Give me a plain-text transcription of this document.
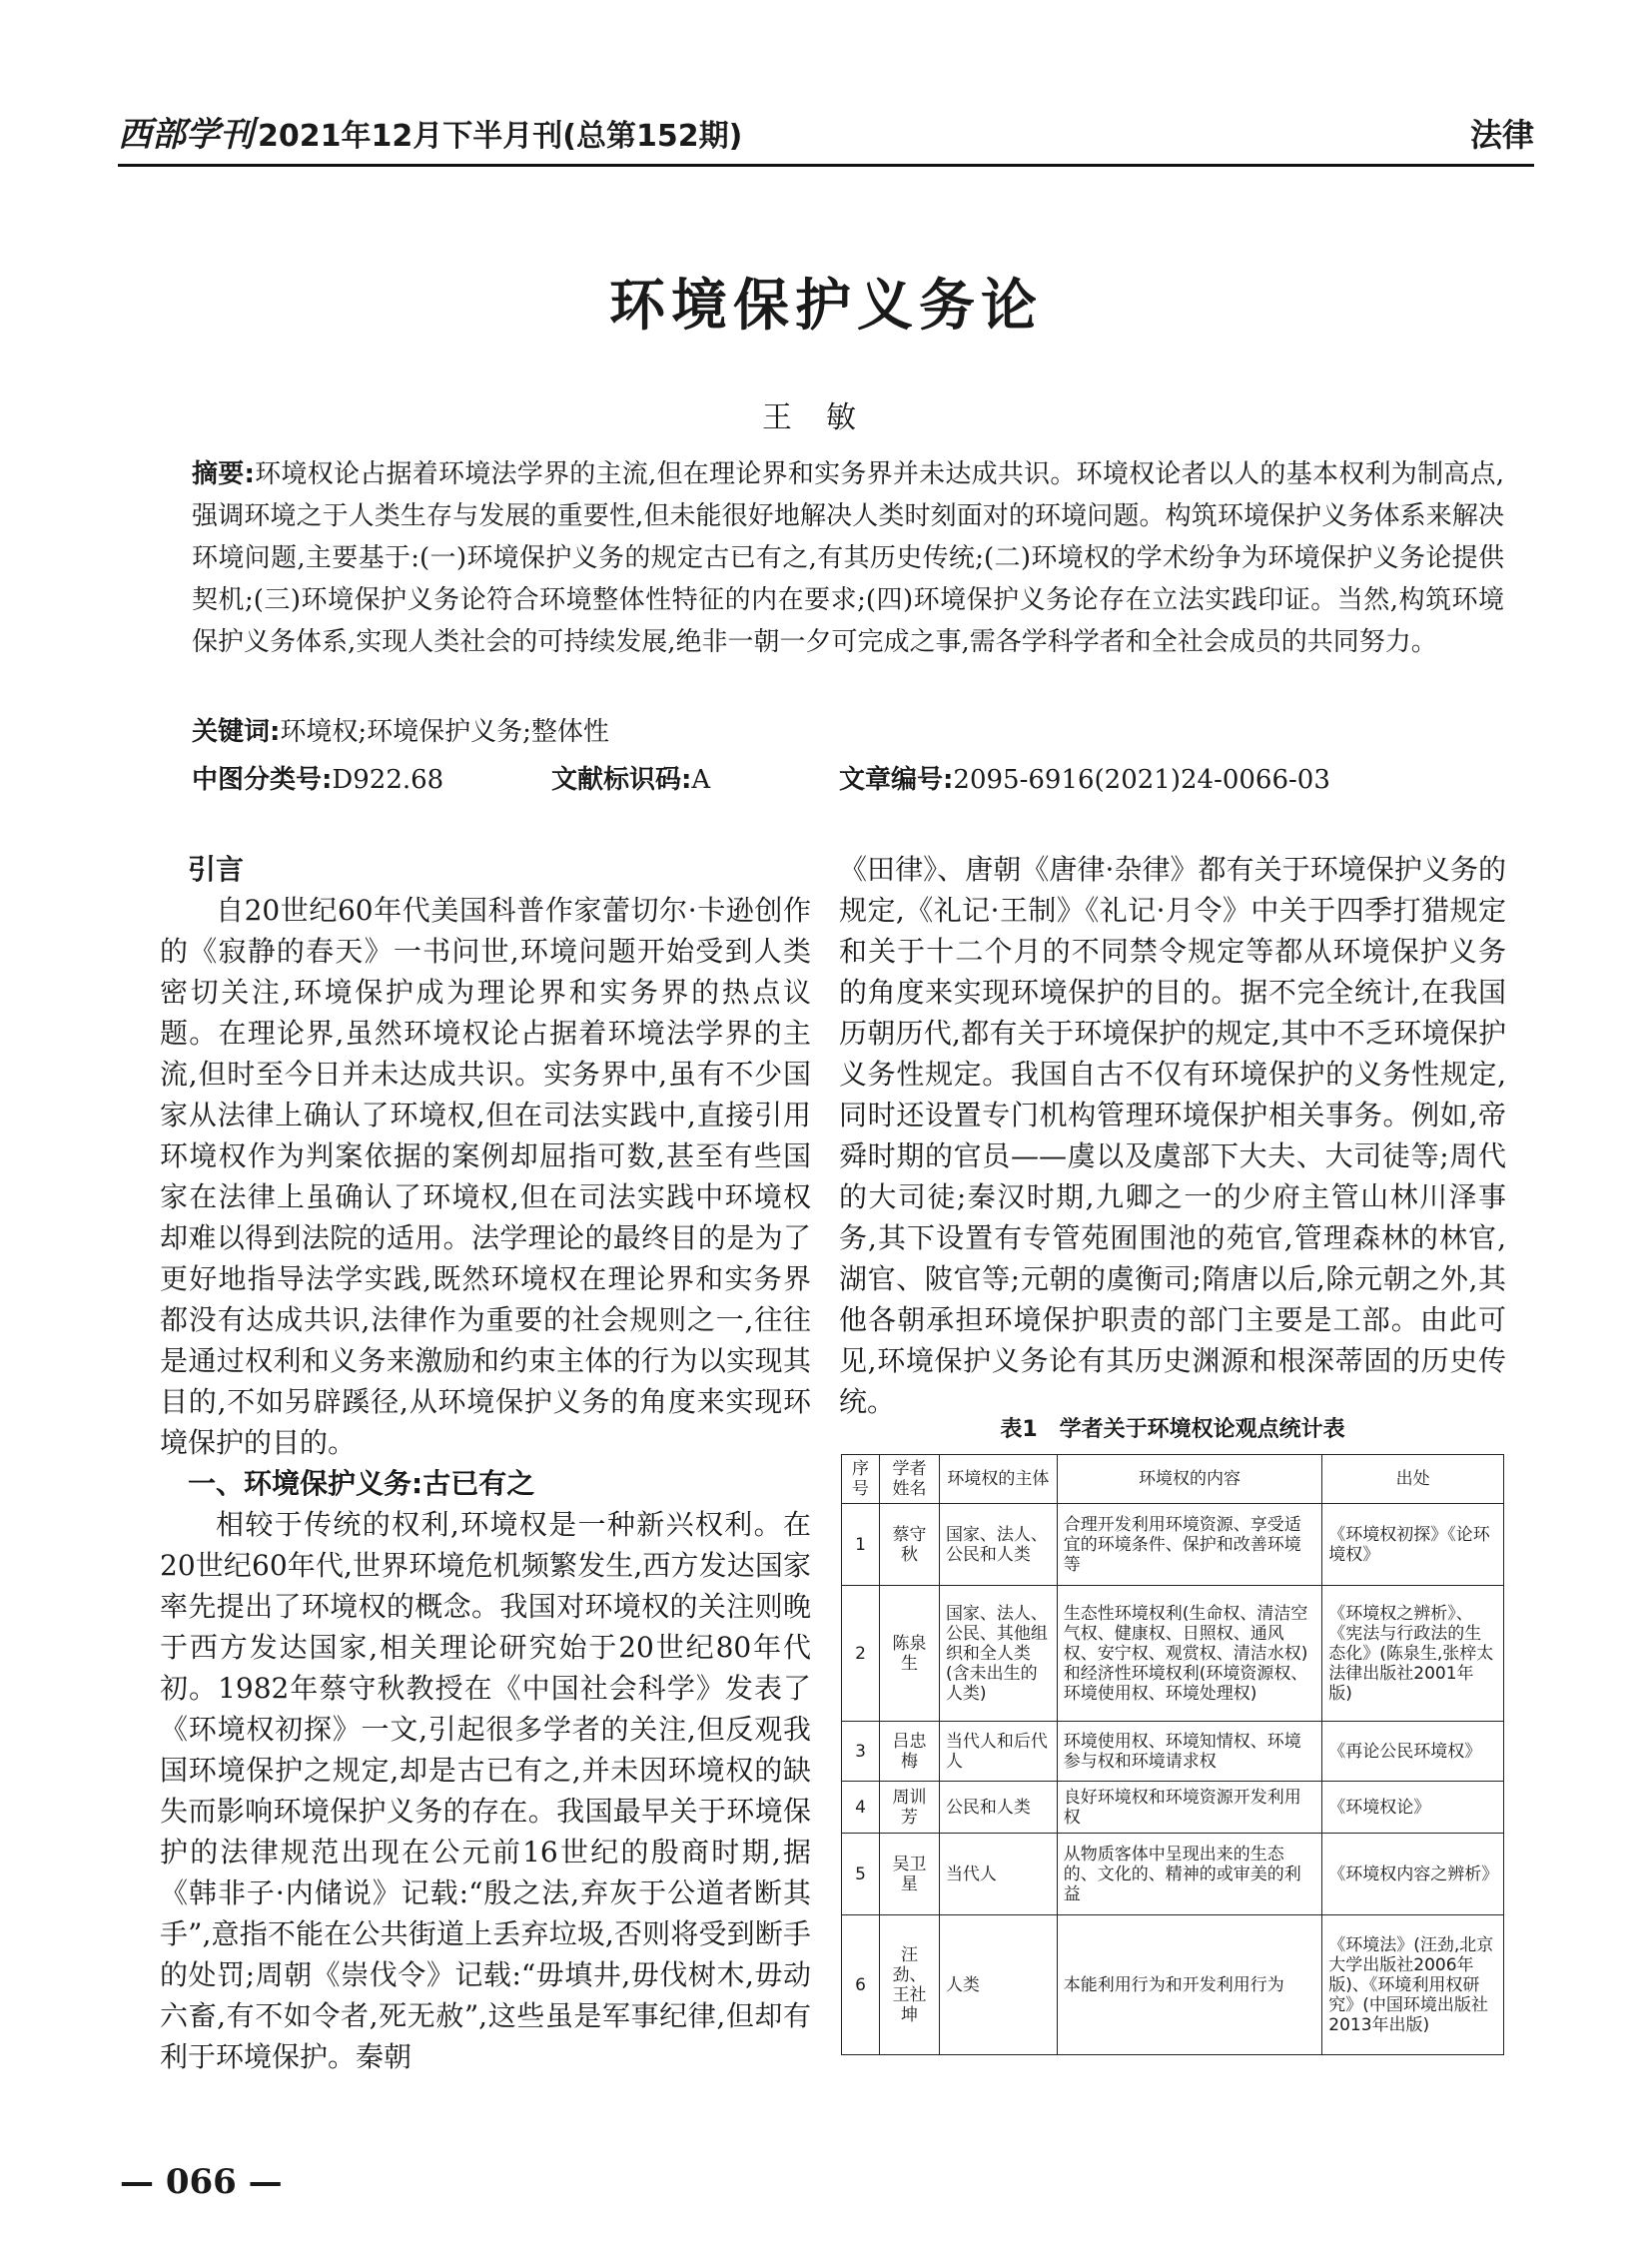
西部学刊 2021年12月下半月刊(总第152期)	法律
环境保护义务论
王敏
摘要:环境权论占据着环境法学界的主流,但在理论界和实务界并未达成共识。环境权论者以人的基本权利为制高点,强调环境之于人类生存与发展的重要性,但未能很好地解决人类时刻面对的环境问题。构筑环境保护义务体系来解决环境问题,主要基于:(一)环境保护义务的规定古已有之,有其历史传统;(二)环境权的学术纷争为环境保护义务论提供契机;(三)环境保护义务论符合环境整体性特征的内在要求;(四)环境保护义务论存在立法实践印证。当然,构筑环境保护义务体系,实现人类社会的可持续发展,绝非一朝一夕可完成之事,需各学科学者和全社会成员的共同努力。
关键词:环境权;环境保护义务;整体性
中图分类号:D922.68	文献标识码:A	文章编号:2095-6916(2021)24-0066-03
引言

自20世纪60年代美国科普作家蕾切尔·卡逊创作的《寂静的春天》一书问世,环境问题开始受到人类密切关注,环境保护成为理论界和实务界的热点议题。在理论界,虽然环境权论占据着环境法学界的主流,但时至今日并未达成共识。实务界中,虽有不少国家从法律上确认了环境权,但在司法实践中,直接引用环境权作为判案依据的案例却屈指可数,甚至有些国家在法律上虽确认了环境权,但在司法实践中环境权却难以得到法院的适用。法学理论的最终目的是为了更好地指导法学实践,既然环境权在理论界和实务界都没有达成共识,法律作为重要的社会规则之一,往往是通过权利和义务来激励和约束主体的行为以实现其目的,不如另辟蹊径,从环境保护义务的角度来实现环境保护的目的。

一、环境保护义务:古已有之

相较于传统的权利,环境权是一种新兴权利。在20世纪60年代,世界环境危机频繁发生,西方发达国家率先提出了环境权的概念。我国对环境权的关注则晚于西方发达国家,相关理论研究始于20世纪80年代初。1982年蔡守秋教授在《中国社会科学》发表了《环境权初探》一文,引起很多学者的关注,但反观我国环境保护之规定,却是古已有之,并未因环境权的缺失而影响环境保护义务的存在。我国最早关于环境保护的法律规范出现在公元前16世纪的殷商时期,据《韩非子·内储说》记载:“殷之法,弃灰于公道者断其手”,意指不能在公共街道上丢弃垃圾,否则将受到断手的处罚;周朝《崇伐令》记载:“毋填井,毋伐树木,毋动六畜,有不如令者,死无赦”,这些虽是军事纪律,但却有利于环境保护。秦朝

《田律》、唐朝《唐律·杂律》都有关于环境保护义务的规定,《礼记·王制》《礼记·月令》中关于四季打猎规定和关于十二个月的不同禁令规定等都从环境保护义务的角度来实现环境保护的目的。据不完全统计,在我国历朝历代,都有关于环境保护的规定,其中不乏环境保护义务性规定。我国自古不仅有环境保护的义务性规定,同时还设置专门机构管理环境保护相关事务。例如,帝舜时期的官员——虞以及虞部下大夫、大司徒等;周代的大司徒;秦汉时期,九卿之一的少府主管山林川泽事务,其下设置有专管苑囿围池的苑官,管理森林的林官,湖官、陂官等;元朝的虞衡司;隋唐以后,除元朝之外,其他各朝承担环境保护职责的部门主要是工部。由此可见,环境保护义务论有其历史渊源和根深蒂固的历史传统。

表1　学者关于环境权论观点统计表
序号	学者姓名	环境权的主体	环境权的内容	出处
1	蔡守秋	国家、法人、公民和人类	合理开发利用环境资源、享受适宜的环境条件、保护和改善环境等	《环境权初探》《论环境权》
2	陈泉生	国家、法人、公民、其他组织和全人类(含未出生的人类)	生态性环境权利(生命权、清洁空气权、健康权、日照权、通风权、安宁权、观赏权、清洁水权)和经济性环境权利(环境资源权、环境使用权、环境处理权)	《环境权之辨析》、《宪法与行政法的生态化》(陈泉生,张梓太法律出版社2001年版)
3	吕忠梅	当代人和后代人	环境使用权、环境知情权、环境参与权和环境请求权	《再论公民环境权》
4	周训芳	公民和人类	良好环境权和环境资源开发利用权	《环境权论》
5	吴卫星	当代人	从物质客体中呈现出来的生态的、文化的、精神的或审美的利益	《环境权内容之辨析》
6	汪劲、王社坤	人类	本能利用行为和开发利用行为	《环境法》(汪劲,北京大学出版社2006年版)、《环境利用权研究》(中国环境出版社2013年出版)
— 066 —
